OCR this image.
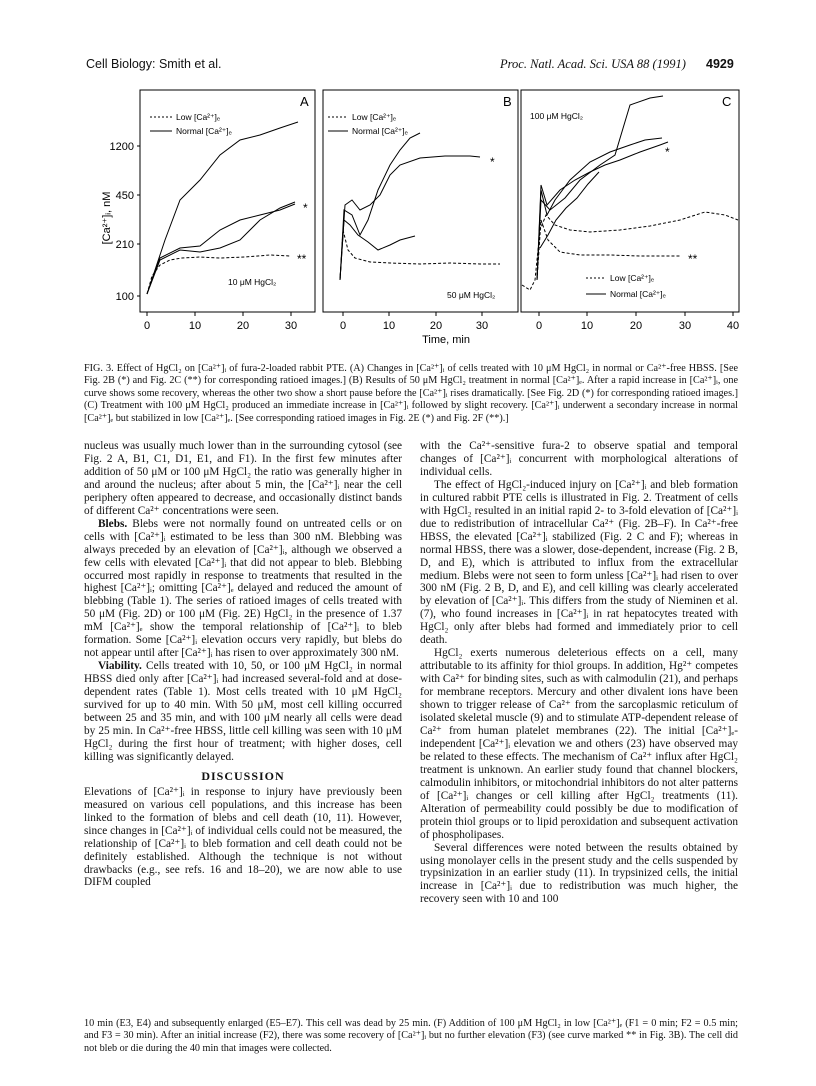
Cell Biology: Smith et al.	Proc. Natl. Acad. Sci. USA 88 (1991) 4929
[Ca²⁺]ᵢ, nM
1200
450
210
100
A
Low [Ca²⁺]ₑ
Normal [Ca²⁺]ₑ
*
**
10 μM HgCl₂
0	10	20	30
B
Low [Ca²⁺]ₑ
Normal [Ca²⁺]ₑ
*
50 μM HgCl₂
0	10	20	30
C
100 μM HgCl₂
*
**
Low [Ca²⁺]ₑ
Normal [Ca²⁺]ₑ
0	10	20	30	40
Time, min
FIG. 3. Effect of HgCl₂ on [Ca²⁺]ᵢ of fura-2-loaded rabbit PTE. (A) Changes in [Ca²⁺]ᵢ of cells treated with 10 μM HgCl₂ in normal or Ca²⁺-free HBSS. [See Fig. 2B (*) and Fig. 2C (**) for corresponding ratioed images.] (B) Results of 50 μM HgCl₂ treatment in normal [Ca²⁺]ₑ. After a rapid increase in [Ca²⁺]ᵢ, one curve shows some recovery, whereas the other two show a short pause before the [Ca²⁺]ᵢ rises dramatically. [See Fig. 2D (*) for corresponding ratioed images.] (C) Treatment with 100 μM HgCl₂ produced an immediate increase in [Ca²⁺]ᵢ followed by slight recovery. [Ca²⁺]ᵢ underwent a secondary increase in normal [Ca²⁺]ₑ but stabilized in low [Ca²⁺]ₑ. [See corresponding ratioed images in Fig. 2E (*) and Fig. 2F (**).]

nucleus was usually much lower than in the surrounding cytosol (see Fig. 2 A, B1, C1, D1, E1, and F1). In the first few minutes after addition of 50 μM or 100 μM HgCl₂ the ratio was generally higher in and around the nucleus; after about 5 min, the [Ca²⁺]ᵢ near the cell periphery often appeared to decrease, and occasionally distinct bands of different Ca²⁺ concentrations were seen.

Blebs. Blebs were not normally found on untreated cells or on cells with [Ca²⁺]ᵢ estimated to be less than 300 nM. Blebbing was always preceded by an elevation of [Ca²⁺]ᵢ, although we observed a few cells with elevated [Ca²⁺]ᵢ that did not appear to bleb. Blebbing occurred most rapidly in response to treatments that resulted in the highest [Ca²⁺]ᵢ; omitting [Ca²⁺]ₑ delayed and reduced the amount of blebbing (Table 1). The series of ratioed images of cells treated with 50 μM (Fig. 2D) or 100 μM (Fig. 2E) HgCl₂ in the presence of 1.37 mM [Ca²⁺]ₑ show the temporal relationship of [Ca²⁺]ᵢ to bleb formation. Some [Ca²⁺]ᵢ elevation occurs very rapidly, but blebs do not appear until after [Ca²⁺]ᵢ has risen to over approximately 300 nM.

Viability. Cells treated with 10, 50, or 100 μM HgCl₂ in normal HBSS died only after [Ca²⁺]ᵢ had increased several-fold and at dose-dependent rates (Table 1). Most cells treated with 10 μM HgCl₂ survived for up to 40 min. With 50 μM, most cell killing occurred between 25 and 35 min, and with 100 μM nearly all cells were dead by 25 min. In Ca²⁺-free HBSS, little cell killing was seen with 10 μM HgCl₂ during the first hour of treatment; with higher doses, cell killing was significantly delayed.

DISCUSSION

Elevations of [Ca²⁺]ᵢ in response to injury have previously been measured on various cell populations, and this increase has been linked to the formation of blebs and cell death (10, 11). However, since changes in [Ca²⁺]ᵢ of individual cells could not be measured, the relationship of [Ca²⁺]ᵢ to bleb formation and cell death could not be definitely established. Although the technique is not without drawbacks (e.g., see refs. 16 and 18–20), we are now able to use DIFM coupled

with the Ca²⁺-sensitive fura-2 to observe spatial and temporal changes of [Ca²⁺]ᵢ concurrent with morphological alterations of individual cells.

The effect of HgCl₂-induced injury on [Ca²⁺]ᵢ and bleb formation in cultured rabbit PTE cells is illustrated in Fig. 2. Treatment of cells with HgCl₂ resulted in an initial rapid 2- to 3-fold elevation of [Ca²⁺]ᵢ due to redistribution of intracellular Ca²⁺ (Fig. 2B–F). In Ca²⁺-free HBSS, the elevated [Ca²⁺]ᵢ stabilized (Fig. 2 C and F); whereas in normal HBSS, there was a slower, dose-dependent, increase (Fig. 2 B, D, and E), which is attributed to influx from the extracellular medium. Blebs were not seen to form unless [Ca²⁺]ᵢ had risen to over 300 nM (Fig. 2 B, D, and E), and cell killing was clearly accelerated by elevation of [Ca²⁺]ᵢ. This differs from the study of Nieminen et al. (7), who found increases in [Ca²⁺]ᵢ in rat hepatocytes treated with HgCl₂ only after blebs had formed and immediately prior to cell death.

HgCl₂ exerts numerous deleterious effects on a cell, many attributable to its affinity for thiol groups. In addition, Hg²⁺ competes with Ca²⁺ for binding sites, such as with calmodulin (21), and perhaps for membrane receptors. Mercury and other divalent ions have been shown to trigger release of Ca²⁺ from the sarcoplasmic reticulum of isolated skeletal muscle (9) and to stimulate ATP-dependent release of Ca²⁺ from human platelet membranes (22). The initial [Ca²⁺]ₑ-independent [Ca²⁺]ᵢ elevation we and others (23) have observed may be related to these effects. The mechanism of Ca²⁺ influx after HgCl₂ treatment is unknown. An earlier study found that channel blockers, calmodulin inhibitors, or mitochondrial inhibitors do not alter patterns of [Ca²⁺]ᵢ changes or cell killing after HgCl₂ treatments (11). Alteration of permeability could possibly be due to modification of protein thiol groups or to lipid peroxidation and subsequent activation of phospholipases.

Several differences were noted between the results obtained by using monolayer cells in the present study and the cells suspended by trypsinization in an earlier study (11). In trypsinized cells, the initial increase in [Ca²⁺]ᵢ due to redistribution was much higher, the recovery seen with 10 and 100

10 min (E3, E4) and subsequently enlarged (E5–E7). This cell was dead by 25 min. (F) Addition of 100 μM HgCl₂ in low [Ca²⁺]ₑ (F1 = 0 min; F2 = 0.5 min; and F3 = 30 min). After an initial increase (F2), there was some recovery of [Ca²⁺]ᵢ but no further elevation (F3) (see curve marked ** in Fig. 3B). The cell did not bleb or die during the 40 min that images were collected.
